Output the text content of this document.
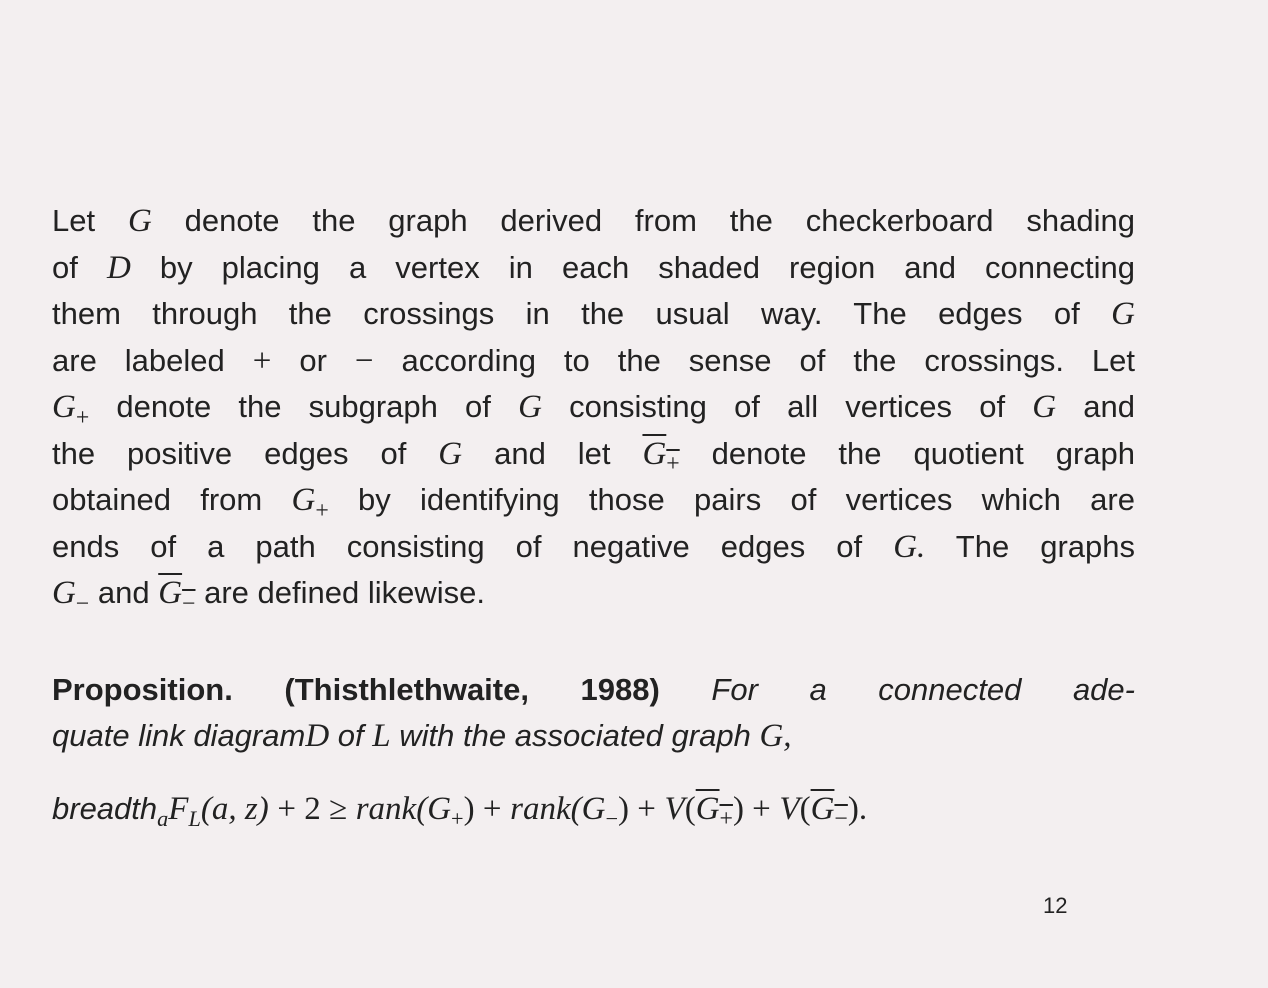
Let G denote the graph derived from the checkerboard shading
of D by placing a vertex in each shaded region and connecting
them through the crossings in the usual way. The edges of G
are labeled + or − according to the sense of the crossings. Let
$G_+$ denote the subgraph of G consisting of all vertices of G and
the positive edges of G and let $G_+$ denote the quotient graph
obtained from $G_+$ by identifying those pairs of vertices which are
ends of a path consisting of negative edges of G. The graphs
$G_-$ and $G_-$ are defined likewise.
Proposition. (Thisthlethwaite, 1988) For a connected ade-
quate link diagramD of L with the associated graph G,
$breadth_aF_L(a$, $z) + 2 \ge rank(G_+)$ + $rank(G_-) + V(G_+) + V(G_-)$.
12
